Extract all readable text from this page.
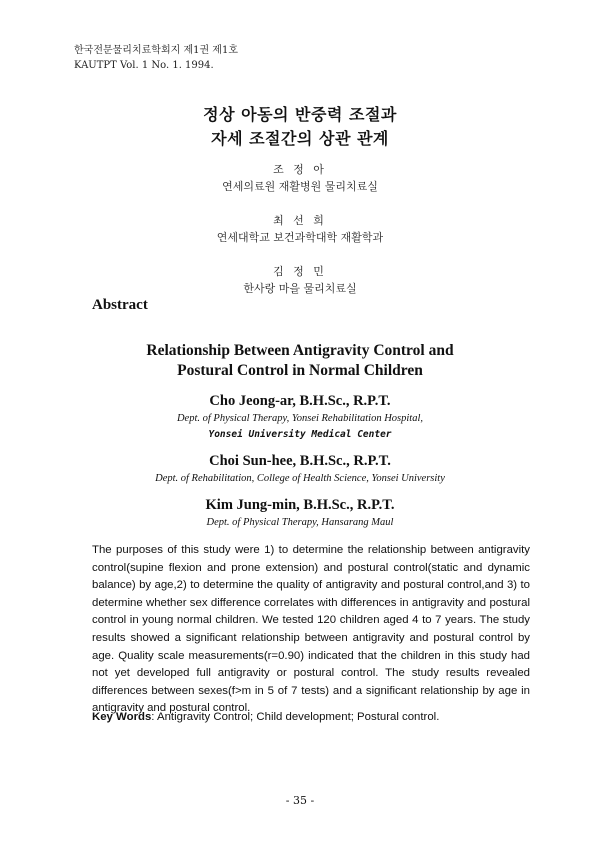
한국전문물리치료학회지 제1권 제1호
KAUTPT Vol. 1 No. 1. 1994.
정상 아동의 반중력 조절과
자세 조절간의 상관 관계
조 정 아
연세의료원 재활병원 물리치료실
최 선 희
연세대학교 보건과학대학 재활학과
김 정 민
한사랑 마을 물리치료실
Abstract
Relationship Between Antigravity Control and
Postural Control in Normal Children
Cho Jeong-ar, B.H.Sc., R.P.T.
Dept. of Physical Therapy, Yonsei Rehabilitation Hospital,
Yonsei University Medical Center
Choi Sun-hee, B.H.Sc., R.P.T.
Dept. of Rehabilitation, College of Health Science, Yonsei University
Kim Jung-min, B.H.Sc., R.P.T.
Dept. of Physical Therapy, Hansarang Maul
The purposes of this study were 1) to determine the relationship between antigravity control(supine flexion and prone extension) and postural control(static and dynamic balance) by age,2) to determine the quality of antigravity and postural control,and 3) to determine whether sex difference correlates with differences in antigravity and postural control in young normal children. We tested 120 children aged 4 to 7 years. The study results showed a significant relationship between antigravity and postural control by age. Quality scale measurements(r=0.90) indicated that the children in this study had not yet developed full antigravity or postural control. The study results revealed differences between sexes(f>m in 5 of 7 tests) and a significant relationship by age in antigravity and postural control.
Key Words: Antigravity Control; Child development; Postural control.
- 35 -
